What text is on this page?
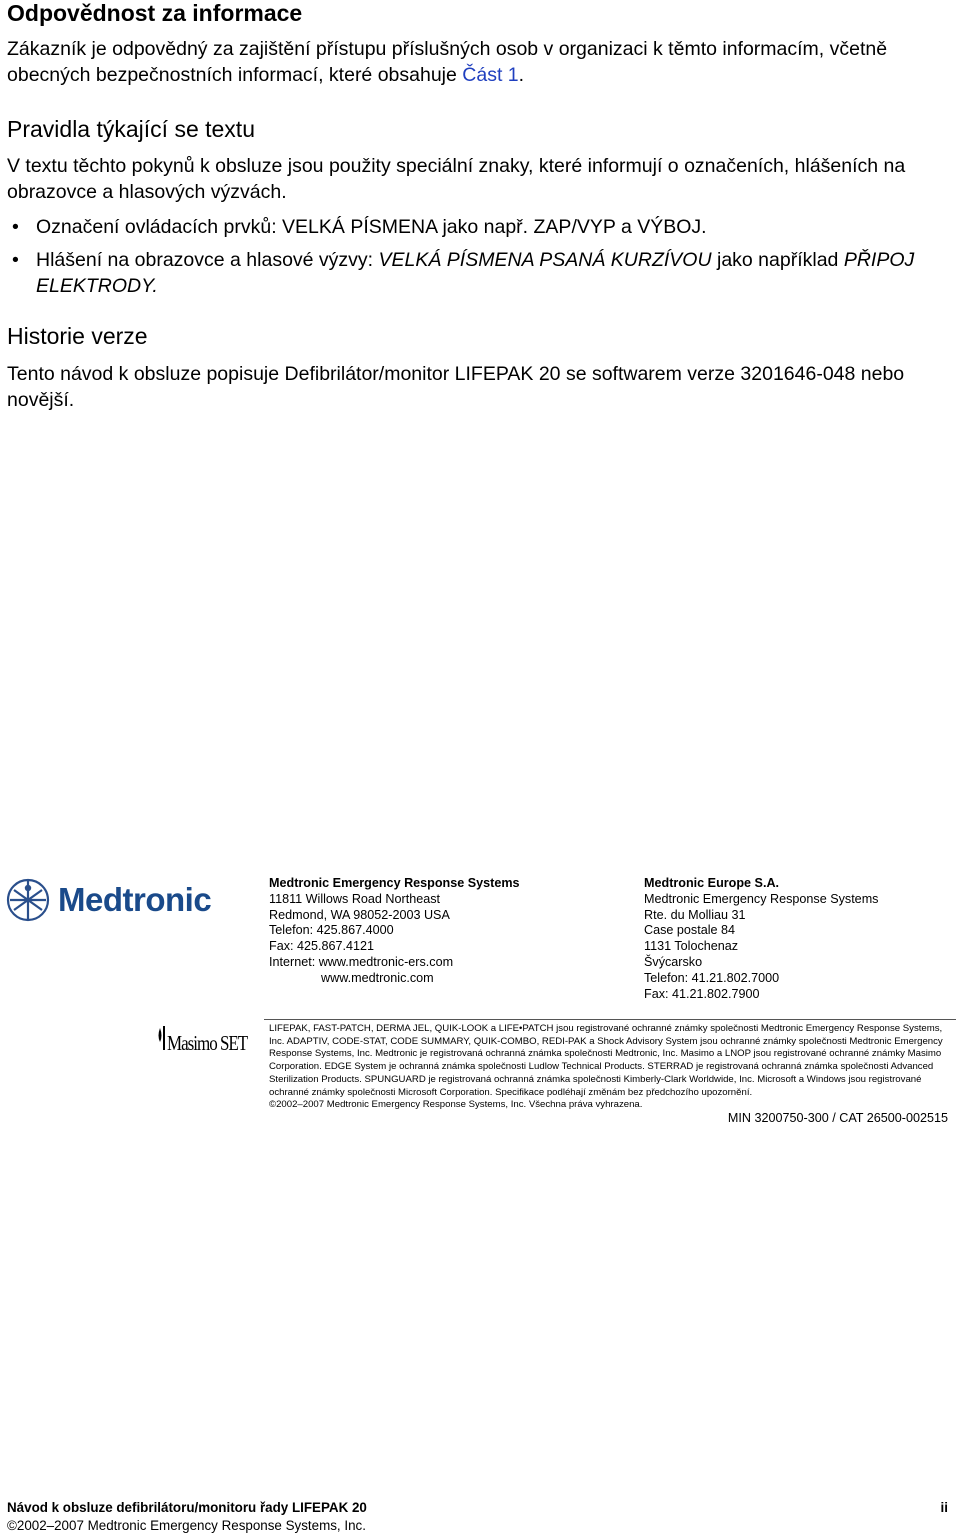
Odpovědnost za informace

Zákazník je odpovědný za zajištění přístupu příslušných osob v organizaci k těmto informacím, včetně obecných bezpečnostních informací, které obsahuje Část 1.

Pravidla týkající se textu

V textu těchto pokynů k obsluze jsou použity speciální znaky, které informují o označeních, hlášeních na obrazovce a hlasových výzvách.

• Označení ovládacích prvků: VELKÁ PÍSMENA jako např. ZAP/VYP a VÝBOJ.
• Hlášení na obrazovce a hlasové výzvy: VELKÁ PÍSMENA PSANÁ KURZÍVOU jako například PŘIPOJ ELEKTRODY.
Historie verze

Tento návod k obsluze popisuje Defibrilátor/monitor LIFEPAK 20 se softwarem verze 3201646-048 nebo novější.

Medtronic	Medtronic Emergency Response Systems
11811 Willows Road Northeast
Redmond, WA 98052-2003 USA
Telefon: 425.867.4000
Fax: 425.867.4121
Internet: www.medtronic-ers.com
www.medtronic.com
Medtronic Europe S.A.
Medtronic Emergency Response Systems
Rte. du Molliau 31
Case postale 84
1131 Tolochenaz
Švýcarsko
Telefon: 41.21.802.7000
Fax: 41.21.802.7900
Masimo SET
LIFEPAK, FAST-PATCH, DERMA JEL, QUIK-LOOK a LIFE•PATCH jsou registrované ochranné známky společnosti Medtronic Emergency Response Systems, Inc. ADAPTIV, CODE-STAT, CODE SUMMARY, QUIK-COMBO, REDI-PAK a Shock Advisory System jsou ochranné známky společnosti Medtronic Emergency Response Systems, Inc. Medtronic je registrovaná ochranná známka společnosti Medtronic, Inc. Masimo a LNOP jsou registrované ochranné známky Masimo Corporation. EDGE System je ochranná známka společnosti Ludlow Technical Products. STERRAD je registrovaná ochranná známka společnosti Advanced Sterilization Products. SPUNGUARD je registrovaná ochranná známka společnosti Kimberly-Clark Worldwide, Inc. Microsoft a Windows jsou registrované ochranné známky společnosti Microsoft Corporation. Specifikace podléhají změnám bez předchozího upozornění.
©2002–2007 Medtronic Emergency Response Systems, Inc. Všechna práva vyhrazena.
MIN 3200750-300 / CAT 26500-002515
Návod k obsluze defibrilátoru/monitoru řady LIFEPAK 20	ii
©2002–2007 Medtronic Emergency Response Systems, Inc.
